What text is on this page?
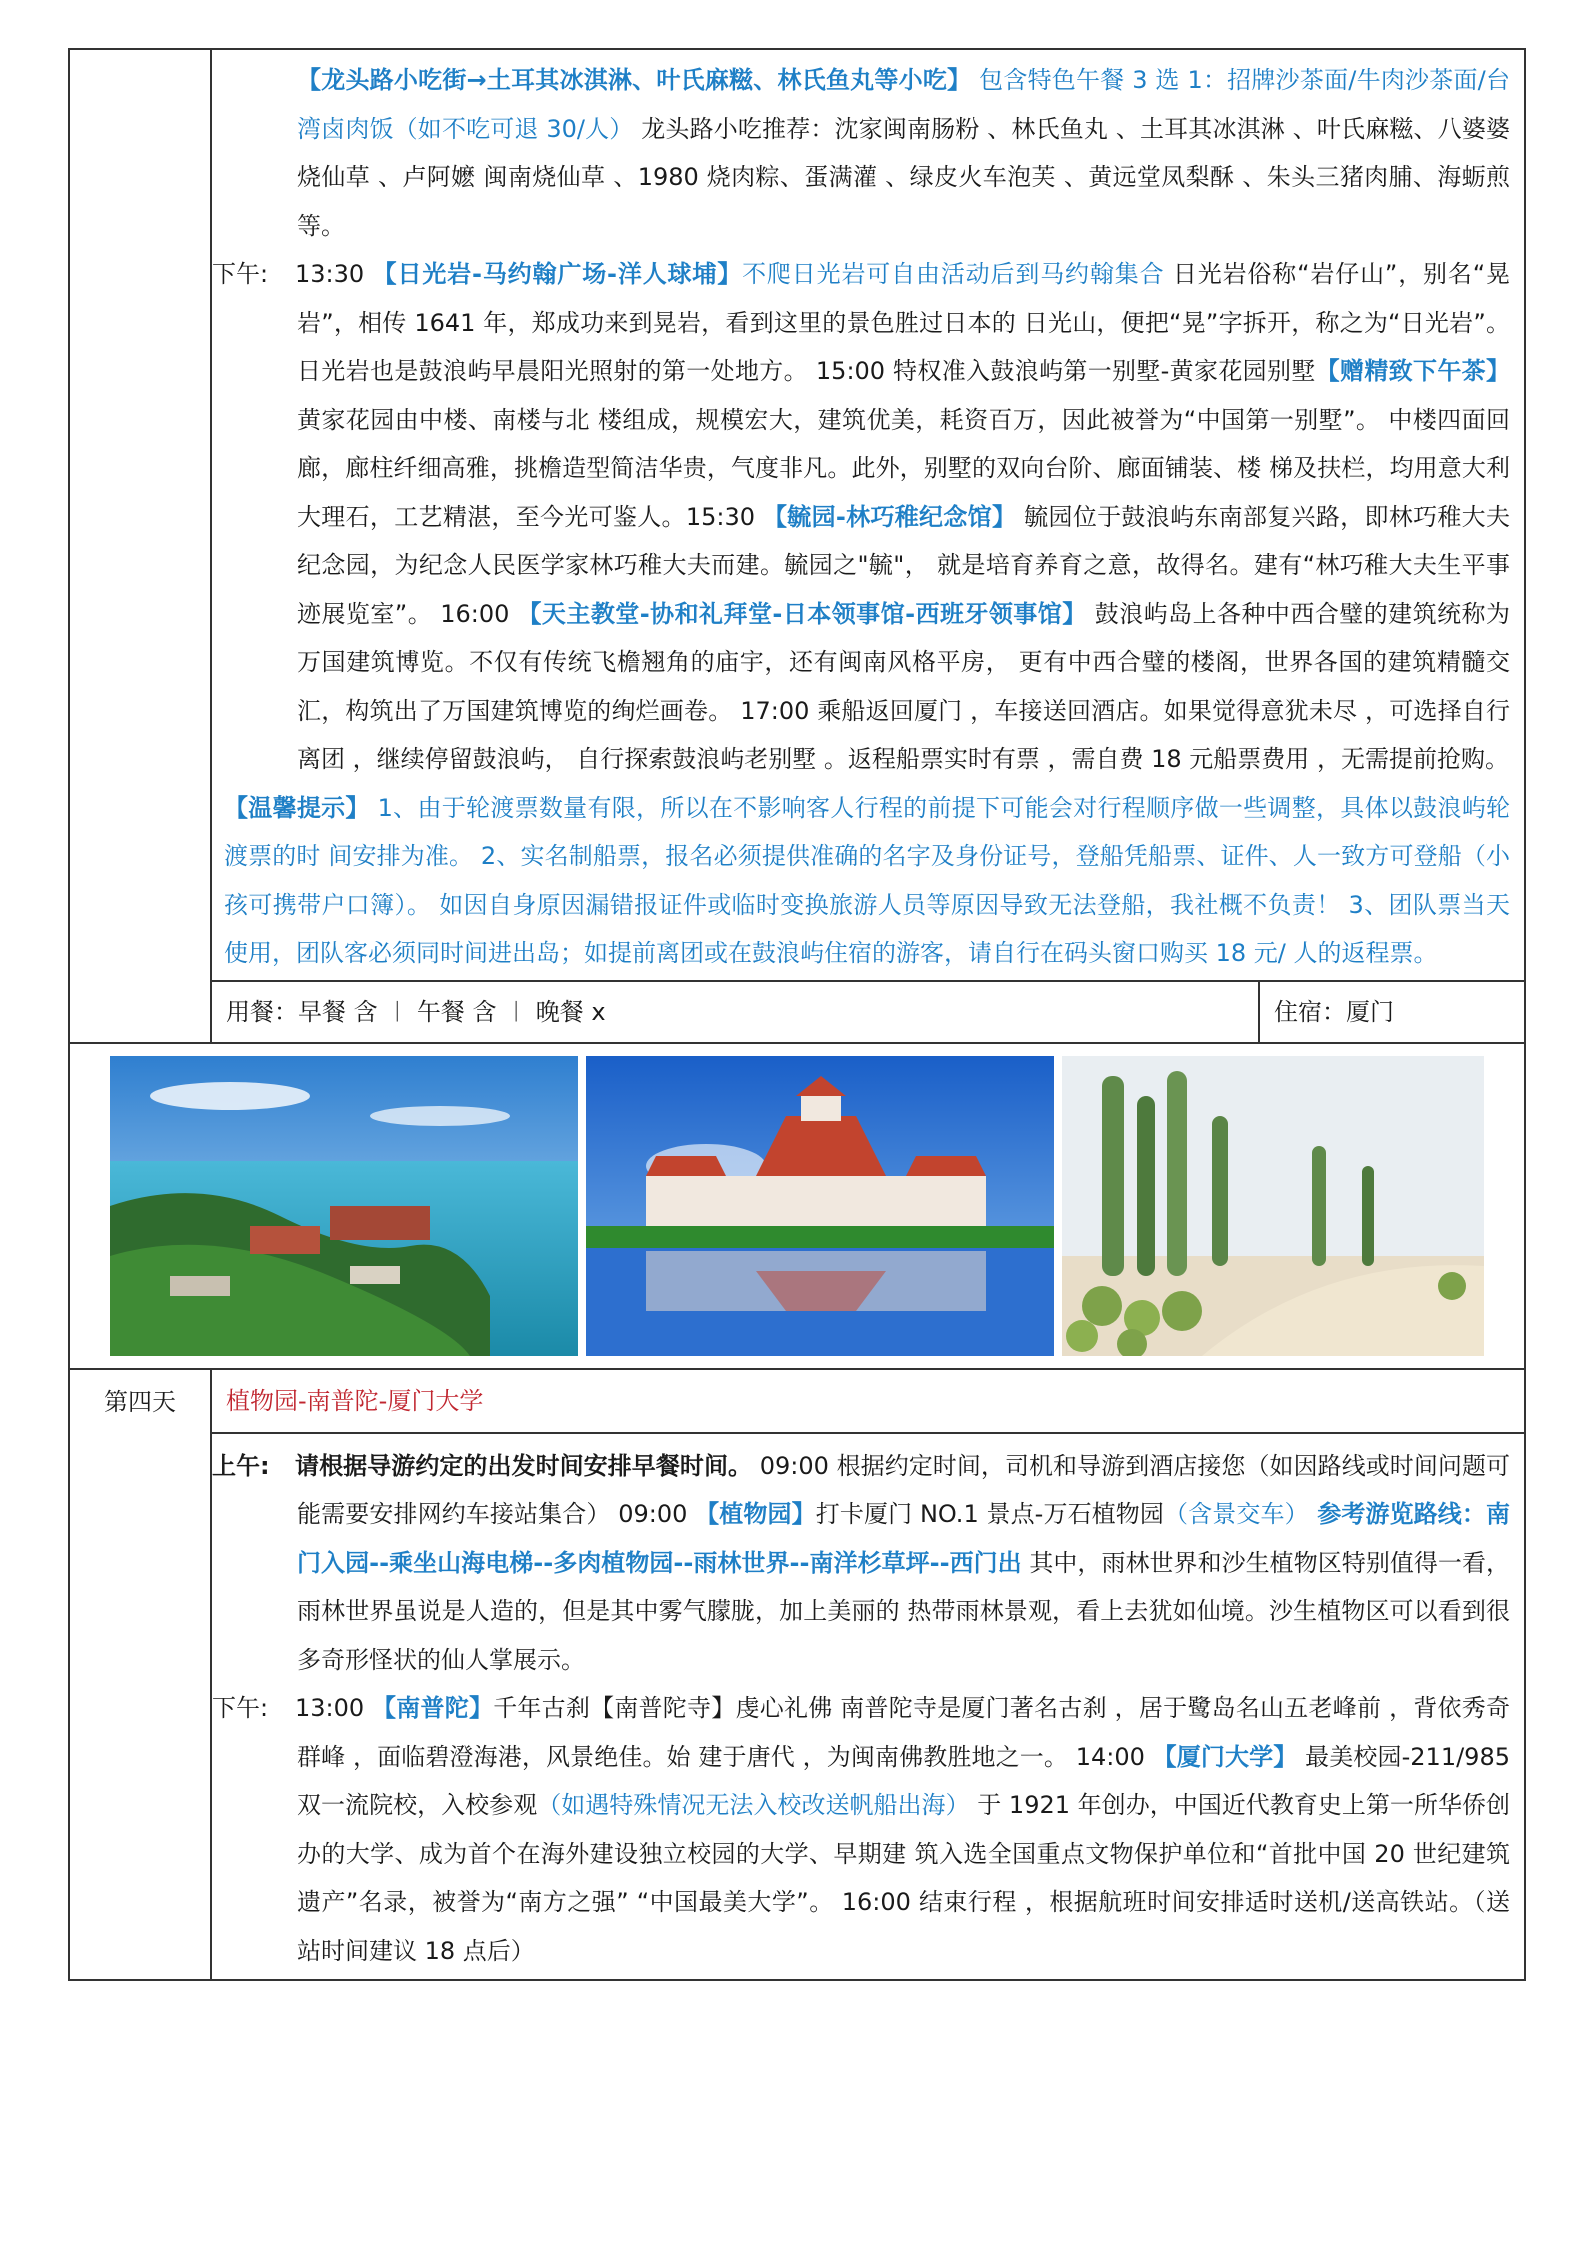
【龙头路小吃街→土耳其冰淇淋、叶氏麻糍、林氏鱼丸等小吃】 包含特色午餐 3 选 1：招牌沙茶面/牛肉沙茶面/台湾卤肉饭（如不吃可退 30/人） 龙头路小吃推荐：沈家闽南肠粉 、林氏鱼丸 、土耳其冰淇淋 、叶氏麻糍、八婆婆烧仙草 、卢阿嬷 闽南烧仙草 、1980 烧肉粽、蛋满灌 、绿皮火车泡芙 、黄远堂凤梨酥 、朱头三猪肉脯、海蛎煎等。
下午: 13:30 【日光岩-马约翰广场-洋人球埔】不爬日光岩可自由活动后到马约翰集合 日光岩俗称“岩仔山”，别名“晃岩”，相传 1641 年，郑成功来到晃岩，看到这里的景色胜过日本的 日光山，便把“晃”字拆开，称之为“日光岩”。日光岩也是鼓浪屿早晨阳光照射的第一处地方。 15:00 特权准入鼓浪屿第一别墅-黄家花园别墅【赠精致下午茶】 黄家花园由中楼、南楼与北 楼组成，规模宏大，建筑优美，耗资百万，因此被誉为“中国第一别墅”。 中楼四面回廊，廊柱纤细高雅，挑檐造型简洁华贵，气度非凡。此外，别墅的双向台阶、廊面铺装、楼 梯及扶栏，均用意大利大理石，工艺精湛，至今光可鉴人。15:30 【毓园-林巧稚纪念馆】 毓园位于鼓浪屿东南部复兴路，即林巧稚大夫纪念园，为纪念人民医学家林巧稚大夫而建。毓园之"毓"， 就是培育养育之意，故得名。建有“林巧稚大夫生平事迹展览室”。 16:00 【天主教堂-协和礼拜堂-日本领事馆-西班牙领事馆】 鼓浪屿岛上各种中西合璧的建筑统称为万国建筑博览。不仅有传统飞檐翘角的庙宇，还有闽南风格平房， 更有中西合璧的楼阁，世界各国的建筑精髓交汇，构筑出了万国建筑博览的绚烂画卷。 17:00 乘船返回厦门 ，车接送回酒店。如果觉得意犹未尽 ，可选择自行离团 ，继续停留鼓浪屿， 自行探索鼓浪屿老别墅 。返程船票实时有票 ，需自费 18 元船票费用 ，无需提前抢购。
【温馨提示】 1、由于轮渡票数量有限，所以在不影响客人行程的前提下可能会对行程顺序做一些调整，具体以鼓浪屿轮渡票的时 间安排为准。 2、实名制船票，报名必须提供准确的名字及身份证号，登船凭船票、证件、人一致方可登船（小孩可携带户口簿）。 如因自身原因漏错报证件或临时变换旅游人员等原因导致无法登船，我社概不负责！ 3、团队票当天使用，团队客必须同时间进出岛；如提前离团或在鼓浪屿住宿的游客，请自行在码头窗口购买 18 元/ 人的返程票。
用餐：早餐 含 ︱ 午餐 含 ︱ 晚餐 x	住宿：厦门
第四天	植物园-南普陀-厦门大学
上午: 请根据导游约定的出发时间安排早餐时间。 09:00 根据约定时间，司机和导游到酒店接您（如因路线或时间问题可能需要安排网约车接站集合） 09:00 【植物园】打卡厦门 NO.1 景点-万石植物园（含景交车） 参考游览路线：南门入园--乘坐山海电梯--多肉植物园--雨林世界--南洋杉草坪--西门出 其中，雨林世界和沙生植物区特别值得一看，雨林世界虽说是人造的，但是其中雾气朦胧，加上美丽的 热带雨林景观，看上去犹如仙境。沙生植物区可以看到很多奇形怪状的仙人掌展示。
下午: 13:00 【南普陀】千年古刹【南普陀寺】虔心礼佛 南普陀寺是厦门著名古刹 ，居于鹭岛名山五老峰前 ，背依秀奇群峰 ，面临碧澄海港，风景绝佳。始 建于唐代 ，为闽南佛教胜地之一。 14:00 【厦门大学】 最美校园-211/985 双一流院校，入校参观（如遇特殊情况无法入校改送帆船出海） 于 1921 年创办，中国近代教育史上第一所华侨创办的大学、成为首个在海外建设独立校园的大学、早期建 筑入选全国重点文物保护单位和“首批中国 20 世纪建筑遗产”名录，被誉为“南方之强” “中国最美大学”。 16:00 结束行程 ，根据航班时间安排适时送机/送高铁站。（送站时间建议 18 点后）
